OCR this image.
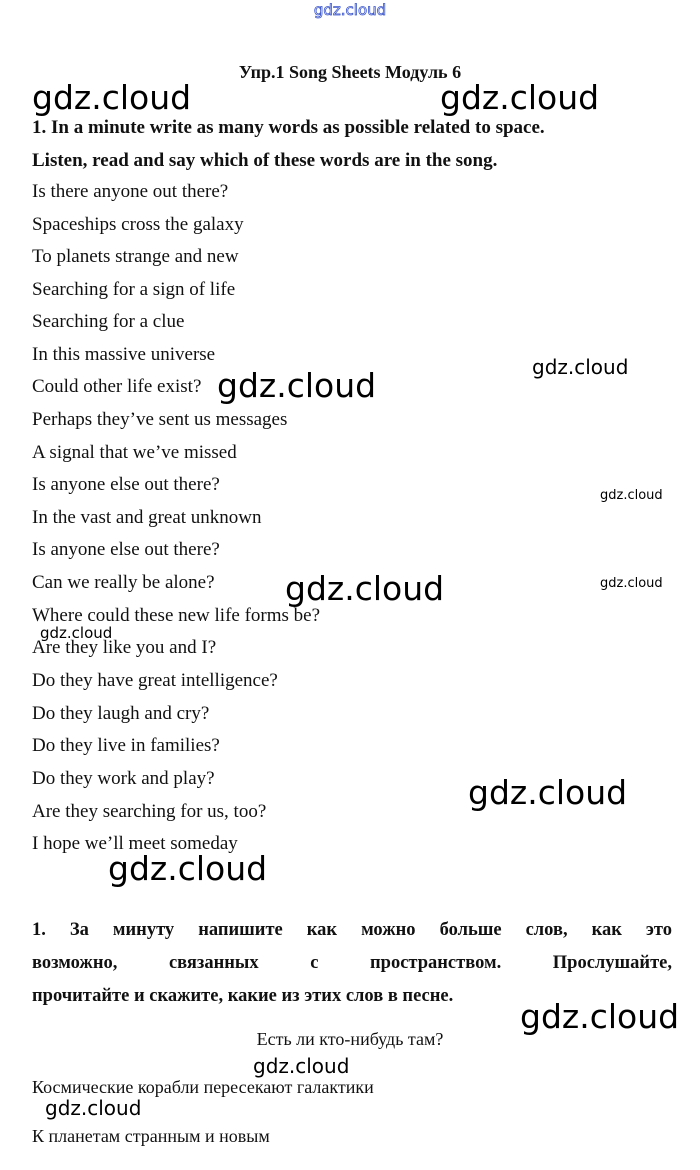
gdz.cloud
Упр.1 Song Sheets Модуль 6
1. In a minute write as many words as possible related to space.
Listen, read and say which of these words are in the song.
Is there anyone out there?
Spaceships cross the galaxy
To planets strange and new
Searching for a sign of life
Searching for a clue
In this massive universe
Could other life exist?
Perhaps they’ve sent us messages
A signal that we’ve missed
Is anyone else out there?
In the vast and great unknown
Is anyone else out there?
Can we really be alone?
Where could these new life forms be?
Are they like you and I?
Do they have great intelligence?
Do they laugh and cry?
Do they live in families?
Do they work and play?
Are they searching for us, too?
I hope we’ll meet someday

1. За минуту напишите как можно больше слов, как это

возможно, связанных с пространством. Прослушайте,

прочитайте и скажите, какие из этих слов в песне.

Есть ли кто-нибудь там?
Космические корабли пересекают галактики
К планетам странным и новым
gdz.cloud	gdz.cloud
gdz.cloud
gdz.cloud
gdz.cloud
gdz.cloud	gdz.cloud
gdz.cloud
gdz.cloud
gdz.cloud
gdz.cloud
gdz.cloud
gdz.cloud
